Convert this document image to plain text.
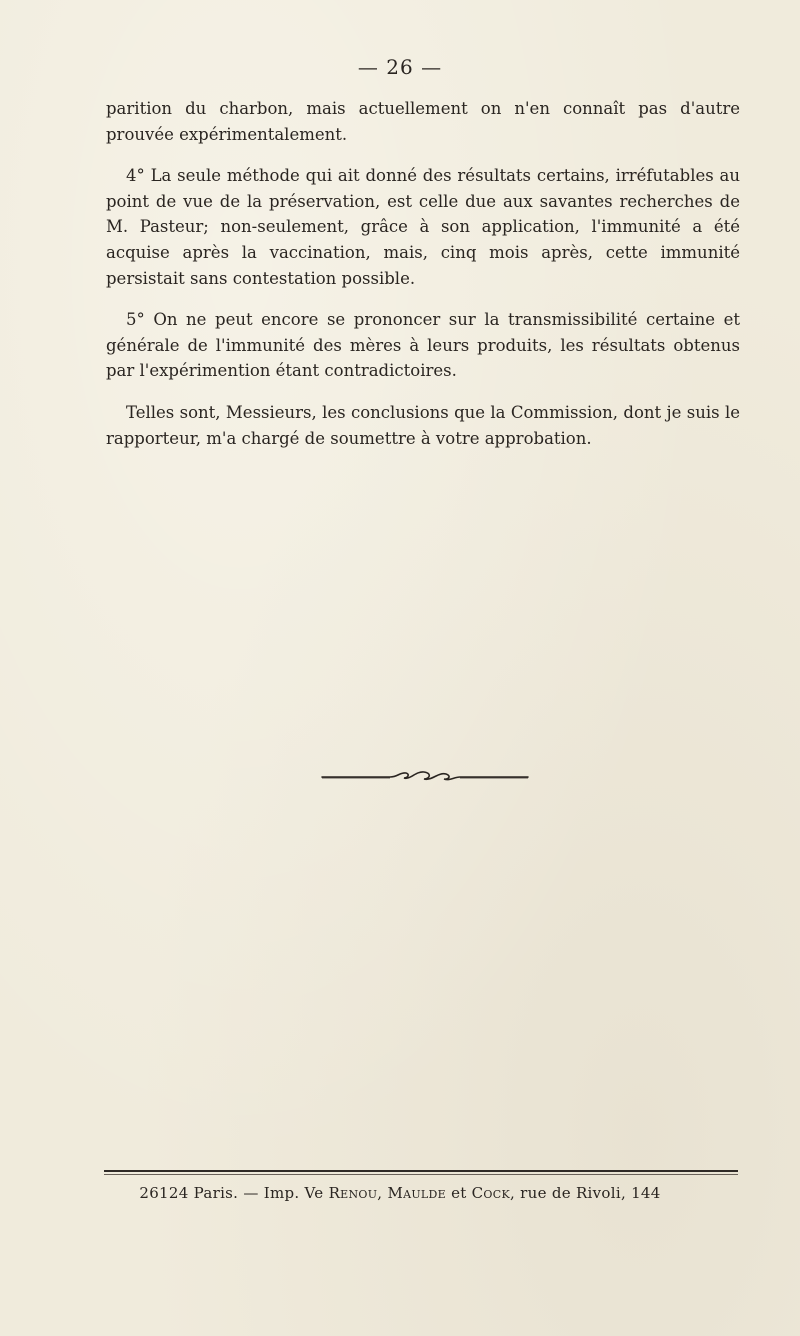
— 26 —

parition du charbon, mais actuellement on n'en connaît pas d'autre prouvée expérimentalement.

4° La seule méthode qui ait donné des résultats certains, irréfutables au point de vue de la préservation, est celle due aux savantes recherches de M. Pasteur; non-seulement, grâce à son application, l'immunité a été acquise après la vaccination, mais, cinq mois après, cette immunité persistait sans contestation possible.

5° On ne peut encore se prononcer sur la transmissibilité certaine et générale de l'immunité des mères à leurs produits, les résultats obtenus par l'expérimention étant contradictoires.

Telles sont, Messieurs, les conclusions que la Commission, dont je suis le rapporteur, m'a chargé de soumettre à votre approbation.

26124 Paris. — Imp. Ve Renou, Maulde et Cock, rue de Rivoli, 144
